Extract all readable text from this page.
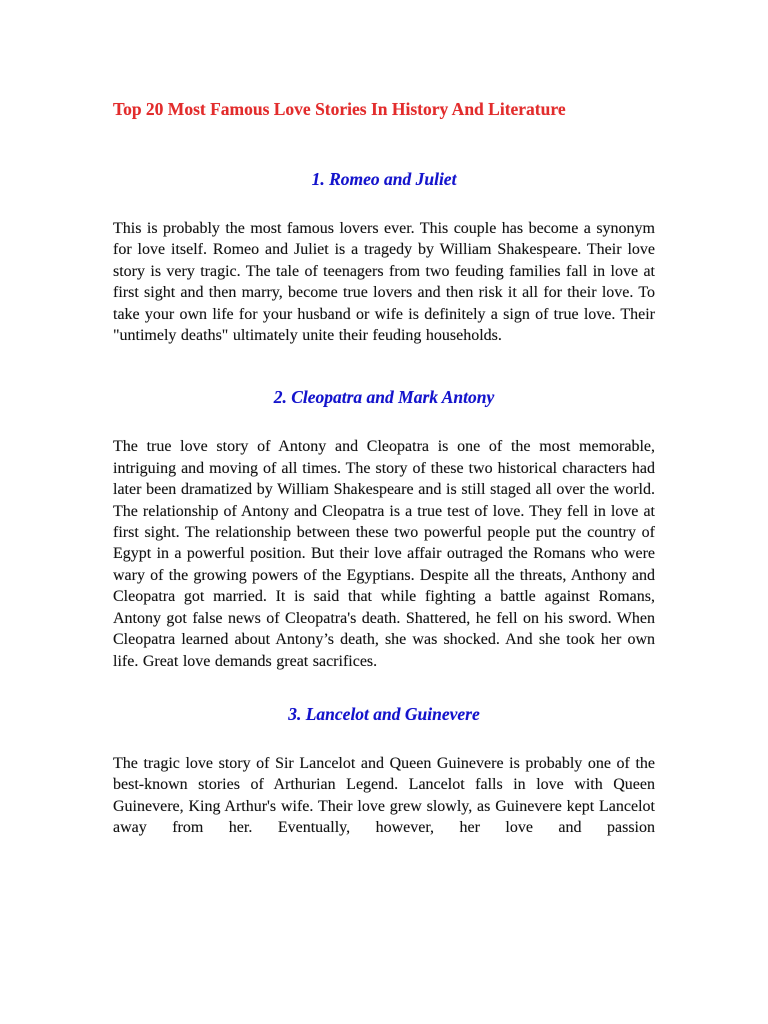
Top 20 Most Famous Love Stories In History And Literature
1. Romeo and Juliet

This is probably the most famous lovers ever. This couple has become a synonym for love itself. Romeo and Juliet is a tragedy by William Shakespeare. Their love story is very tragic. The tale of teenagers from two feuding families fall in love at first sight and then marry, become true lovers and then risk it all for their love. To take your own life for your husband or wife is definitely a sign of true love. Their "untimely deaths" ultimately unite their feuding households.

2. Cleopatra and Mark Antony

The true love story of Antony and Cleopatra is one of the most memorable, intriguing and moving of all times. The story of these two historical characters had later been dramatized by William Shakespeare and is still staged all over the world. The relationship of Antony and Cleopatra is a true test of love. They fell in love at first sight. The relationship between these two powerful people put the country of Egypt in a powerful position. But their love affair outraged the Romans who were wary of the growing powers of the Egyptians. Despite all the threats, Anthony and Cleopatra got married. It is said that while fighting a battle against Romans, Antony got false news of Cleopatra's death. Shattered, he fell on his sword. When Cleopatra learned about Antony’s death, she was shocked. And she took her own life. Great love demands great sacrifices.

3. Lancelot and Guinevere

The tragic love story of Sir Lancelot and Queen Guinevere is probably one of the best-known stories of Arthurian Legend. Lancelot falls in love with Queen Guinevere, King Arthur's wife. Their love grew slowly, as Guinevere kept Lancelot away from her. Eventually, however, her love and passion
